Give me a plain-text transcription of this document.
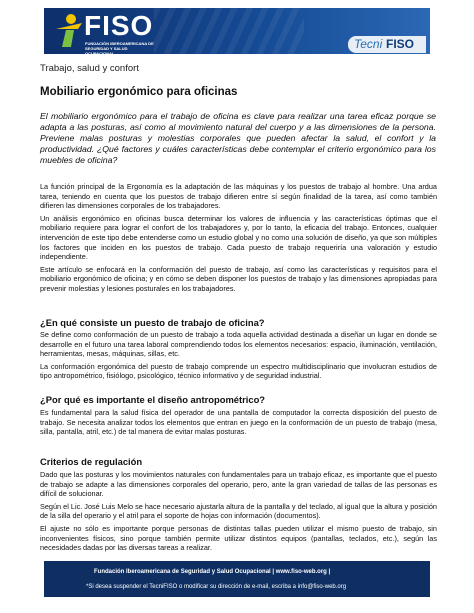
FISO
FUNDACIÓN IBEROAMERICANA DE SEGURIDAD Y SALUD OCUPACIONAL
Tecni FISO
Trabajo, salud y confort
Mobiliario ergonómico para oficinas

El mobiliario ergonómico para el trabajo de oficina es clave para realizar una tarea eficaz porque se adapta a las posturas, así como al movimiento natural del cuerpo y a las dimensiones de la persona. Previene malas posturas y molestias corporales que pueden afectar la salud, el confort y la productividad. ¿Qué factores y cuáles características debe contemplar el criterio ergonómico para los muebles de oficina?

La función principal de la Ergonomía es la adaptación de las máquinas y los puestos de trabajo al hombre. Una ardua tarea, teniendo en cuenta que los puestos de trabajo difieren entre sí según finalidad de la tarea, así como también difieren las dimensiones corporales de los trabajadores.

Un análisis ergonómico en oficinas busca determinar los valores de influencia y las características óptimas que el mobiliario requiere para lograr el confort de los trabajadores y, por lo tanto, la eficacia del trabajo. Entonces, cualquier intervención de este tipo debe entenderse como un estudio global y no como una solución de diseño, ya que son múltiples los factores que inciden en los puestos de trabajo. Cada puesto de trabajo requeriría una valoración y estudio independiente.

Este artículo se enfocará en la conformación del puesto de trabajo, así como las características y requisitos para el mobiliario ergonómico de oficina; y en cómo se deben disponer los puestos de trabajo y las dimensiones apropiadas para prevenir molestias y lesiones posturales en los trabajadores.

¿En qué consiste un puesto de trabajo de oficina?

Se define como conformación de un puesto de trabajo a toda aquella actividad destinada a diseñar un lugar en donde se desarrolle en el futuro una tarea laboral comprendiendo todos los elementos necesarios: espacio, iluminación, ventilación, herramientas, mesas, máquinas, sillas, etc.

La conformación ergonómica del puesto de trabajo comprende un espectro multidisciplinario que involucran estudios de tipo antropométrico, fisiólogo, psicológico, técnico informativo y de seguridad industrial.

¿Por qué es importante el diseño antropométrico?

Es fundamental para la salud física del operador de una pantalla de computador la correcta disposición del puesto de trabajo. Se necesita analizar todos los elementos que entran en juego en la conformación de un puesto de trabajo (mesa, silla, pantalla, atril, etc.) de tal manera de evitar malas posturas.

Criterios de regulación

Dado que las posturas y los movimientos naturales con fundamentales para un trabajo eficaz, es importante que el puesto de trabajo se adapte a las dimensiones corporales del operario, pero, ante la gran variedad de tallas de las personas es difícil de solucionar.

Según el Lic. José Luis Melo se hace necesario ajustarla altura de la pantalla y del teclado, al igual que la altura y posición de la silla del operario y el atril para el soporte de hojas con información (documentos).

El ajuste no sólo es importante porque personas de distintas tallas pueden utilizar el mismo puesto de trabajo, sin inconvenientes físicos, sino porque también permite utilizar distintos equipos (pantallas, teclados, etc.), según las necesidades dadas por las diversas tareas a realizar.

Fundación Iberoamericana de Seguridad y Salud Ocupacional | www.fiso-web.org |
*Si desea suspender el TecniFISO o modificar su dirección de e-mail, escriba a info@fiso-web.org
